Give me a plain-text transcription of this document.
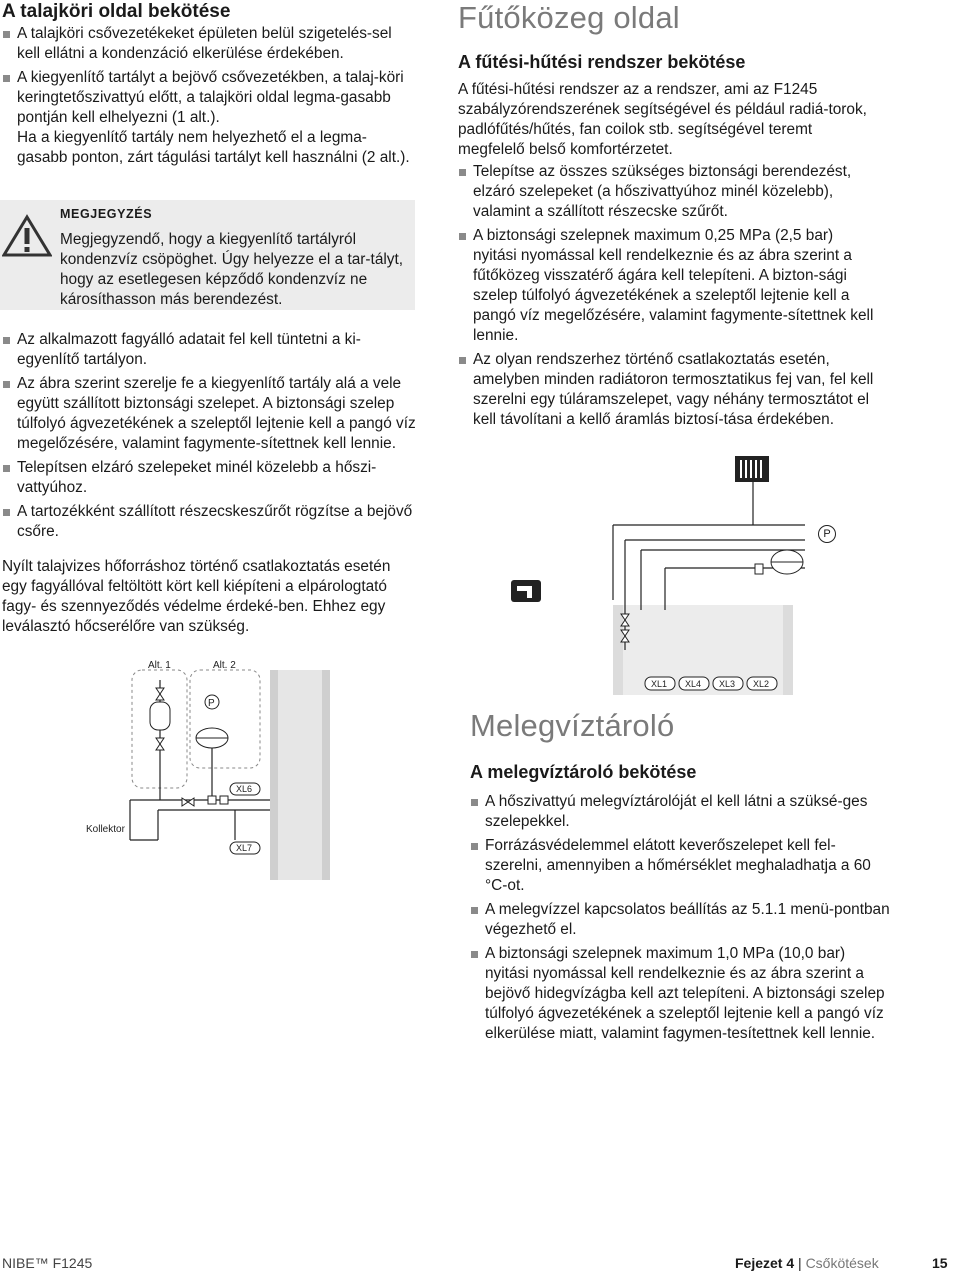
A talajköri oldal bekötése
A talajköri csővezetékeket épületen belül szigetelés-sel kell ellátni a kondenzáció elkerülése érdekében.
A kiegyenlítő tartályt a bejövő csővezetékben, a talaj-köri keringtetőszivattyú előtt, a talajköri oldal legma-gasabb pontján kell elhelyezni (1 alt.).

Ha a kiegyenlítő tartály nem helyezhető el a legma-gasabb ponton, zárt tágulási tartályt kell használni (2 alt.).

MEGJEGYZÉS
Megjegyzendő, hogy a kiegyenlítő tartályról kondenzvíz csöpöghet. Úgy helyezze el a tar-tályt, hogy az esetlegesen képződő kondenzvíz ne károsíthasson más berendezést.
Az alkalmazott fagyálló adatait fel kell tüntetni a ki-egyenlítő tartályon.
Az ábra szerint szerelje fe a kiegyenlítő tartály alá a vele együtt szállított biztonsági szelepet. A biztonsági szelep túlfolyó ágvezetékének a szeleptől lejtenie kell a pangó víz megelőzésére, valamint fagymente-sítettnek kell lennie.
Telepítsen elzáró szelepeket minél közelebb a hőszi-vattyúhoz.
A tartozékként szállított részecskeszűrőt rögzítse a bejövő csőre.

Nyílt talajvizes hőforráshoz történő csatlakoztatás esetén egy fagyállóval feltöltött kört kell kiépíteni a elpárologtató fagy- és szennyeződés védelme érdeké-ben. Ehhez egy leválasztó hőcserélőre van szükség.

Alt. 1	Alt. 2
Kollektor
P
XL6
XL7
Fűtőközeg oldal
A fűtési-hűtési rendszer bekötése

A fűtési-hűtési rendszer az a rendszer, ami az F1245 szabályzórendszerének segítségével és például radiá-torok, padlófűtés/hűtés, fan coilok stb. segítségével teremt megfelelő belső komfortérzetet.

Telepítse az összes szükséges biztonsági berendezést, elzáró szelepeket (a hőszivattyúhoz minél közelebb), valamint a szállított részecske szűrőt.
A biztonsági szelepnek maximum 0,25 MPa (2,5 bar) nyitási nyomással kell rendelkeznie és az ábra szerint a fűtőközeg visszatérő ágára kell telepíteni. A bizton-sági szelep túlfolyó ágvezetékének a szeleptől lejtenie kell a pangó víz megelőzésére, valamint fagymente-sítettnek kell lennie.
Az olyan rendszerhez történő csatlakoztatás esetén, amelyben minden radiátoron termosztatikus fej van, fel kell szerelni egy túláramszelepet, vagy néhány termosztátot el kell távolítani a kellő áramlás biztosí-tása érdekében.
XL1 XL4 XL3 XL2
P
Melegvíztároló
A melegvíztároló bekötése
A hőszivattyú melegvíztárolóját el kell látni a szüksé-ges szelepekkel.
Forrázásvédelemmel elátott keverőszelepet kell fel-szerelni, amennyiben a hőmérséklet meghaladhatja a 60 °C-ot.
A melegvízzel kapcsolatos beállítás az 5.1.1 menü-pontban végezhető el.
A biztonsági szelepnek maximum 1,0 MPa (10,0 bar) nyitási nyomással kell rendelkeznie és az ábra szerint a bejövő hidegvízágba kell azt telepíteni. A biztonsági szelep túlfolyó ágvezetékének a szeleptől lejtenie kell a pangó víz elkerülése miatt, valamint fagymen-tesítettnek kell lennie.
NIBE™ F1245	Fejezet 4 | Csőkötések	15
